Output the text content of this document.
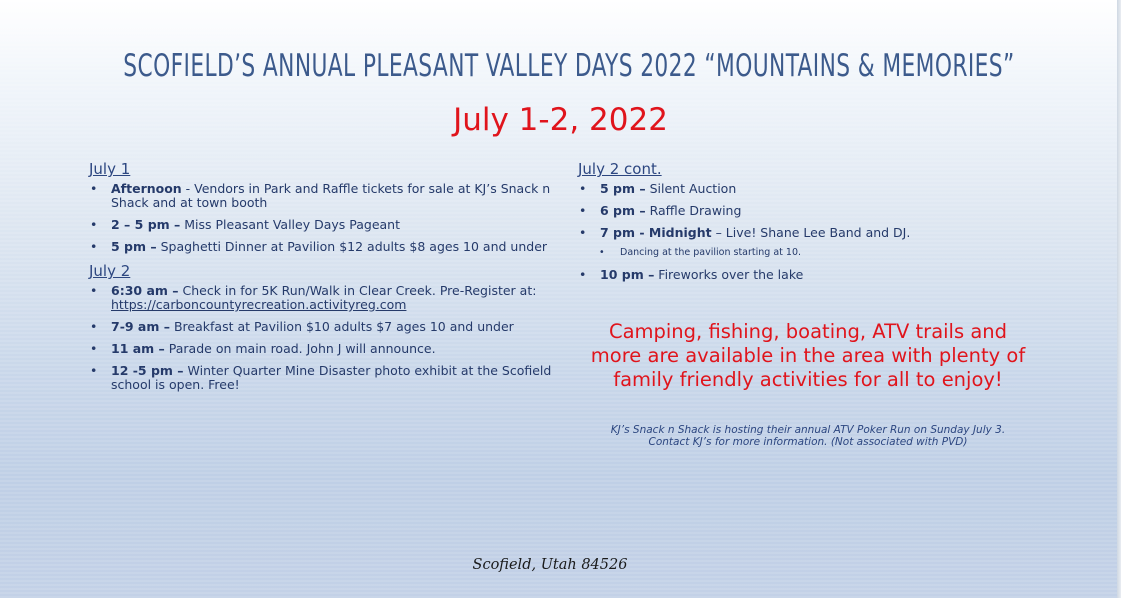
SCOFIELD’S ANNUAL PLEASANT VALLEY DAYS 2022 “MOUNTAINS & MEMORIES”
July 1-2, 2022
July 1
• Afternoon - Vendors in Park and Raffle tickets for sale at KJ’s Snack n Shack and at town booth
• 2 – 5 pm – Miss Pleasant Valley Days Pageant
• 5 pm – Spaghetti Dinner at Pavilion $12 adults $8 ages 10 and under
July 2
• 6:30 am – Check in for 5K Run/Walk in Clear Creek. Pre-Register at: https://carboncountyrecreation.activityreg.com
• 7-9 am – Breakfast at Pavilion $10 adults $7 ages 10 and under
• 11 am – Parade on main road. John J will announce.
• 12 -5 pm – Winter Quarter Mine Disaster photo exhibit at the Scofield school is open. Free!
July 2 cont.
• 5 pm – Silent Auction
• 6 pm – Raffle Drawing
• 7 pm - Midnight – Live! Shane Lee Band and DJ.
• Dancing at the pavilion starting at 10.
• 10 pm – Fireworks over the lake
Camping, fishing, boating, ATV trails and
more are available in the area with plenty of
family friendly activities for all to enjoy!
KJ’s Snack n Shack is hosting their annual ATV Poker Run on Sunday July 3.
Contact KJ’s for more information. (Not associated with PVD)
Scofield, Utah 84526
